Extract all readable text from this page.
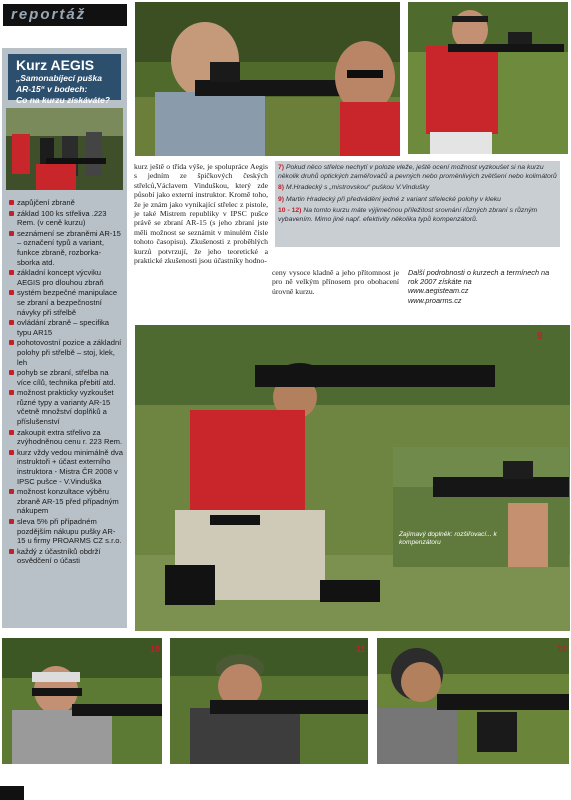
reportáž
Kurz AEGIS
„Samonabíjecí puška
AR-15“ v bodech:
Co na kurzu získáváte?
zapůjčení zbraně
základ 100 ks střeliva .223 Rem. (v ceně kurzu)
seznámení se zbraněmi AR-15 – označení typů a variant, funkce zbraně, rozborka-sborka atd.
základní koncept výcviku AEGIS pro dlouhou zbraň
systém bezpečné manipulace se zbraní a bezpečnostní návyky při střelbě
ovládání zbraně – specifika typu AR15
pohotovostní pozice a základní polohy při střelbě – stoj, klek, leh
pohyb se zbraní, střelba na více cílů, technika přebití atd.
možnost prakticky vyzkoušet různé typy a varianty AR-15 včetně množství doplňků a příslušenství
zakoupit extra střelivo za zvýhodněnou cenu r. 223 Rem.
kurz vždy vedou minimálně dva instruktoři + účast externího instruktora - Mistra ČR 2008 v IPSC pušce - V.Vinduška
možnost konzultace výběru zbraně AR-15 před případným nákupem
sleva 5% při případném pozdějším nákupu pušky AR-15 u firmy PROARMS CZ s.r.o.
každý z účastníků obdrží osvědčení o účasti
kurz ještě o třída výše, je spolupráce Aegis s jedním ze špičkových českých střelců,Václavem Vinduškou, který zde působí jako externí instruktor. Kromě toho, že je znám jako vynikající střelec z pistole, je také Mistrem republiky v IPSC pušce právě se zbraní AR-15 (s jeho zbraní jste měli možnost se seznámit v minulém čísle tohoto časopisu). Zkušenosti z proběhlých kurzů potvrzují, že jeho teoretické a praktické zkušenosti jsou účastníky hodno-

7) Pokud něco střelce nechytí v poloze vleže, ještě ocení možnost vyzkoušet si na kurzu několik druhů optických zaměřovačů a pevných nebo proměnlivých zvětšení nebo kolimátorů

8) M.Hradecký s „mistrovskou“ puškou V.Vindušky

9) Martin Hradecký při předvádění jedné z variant střelecké polohy v kleku

10 - 12) Na tomto kurzu máte výjimečnou příležitost srovnání různých zbraní s různým vybavením. Mimo jiné např. efektivity několika typů kompenzátorů.

ceny vysoce kladně a jeho přítomnost je pro ně velkým přínosem pro obohacení úrovně kurzu.
Další podrobnosti o kurzech a termínech na rok 2007 získáte na
www.aegisteam.cz
www.proarms.cz
9
Zajímavý doplněk: rozšiřovací... k kompenzátoru
10	11	12
